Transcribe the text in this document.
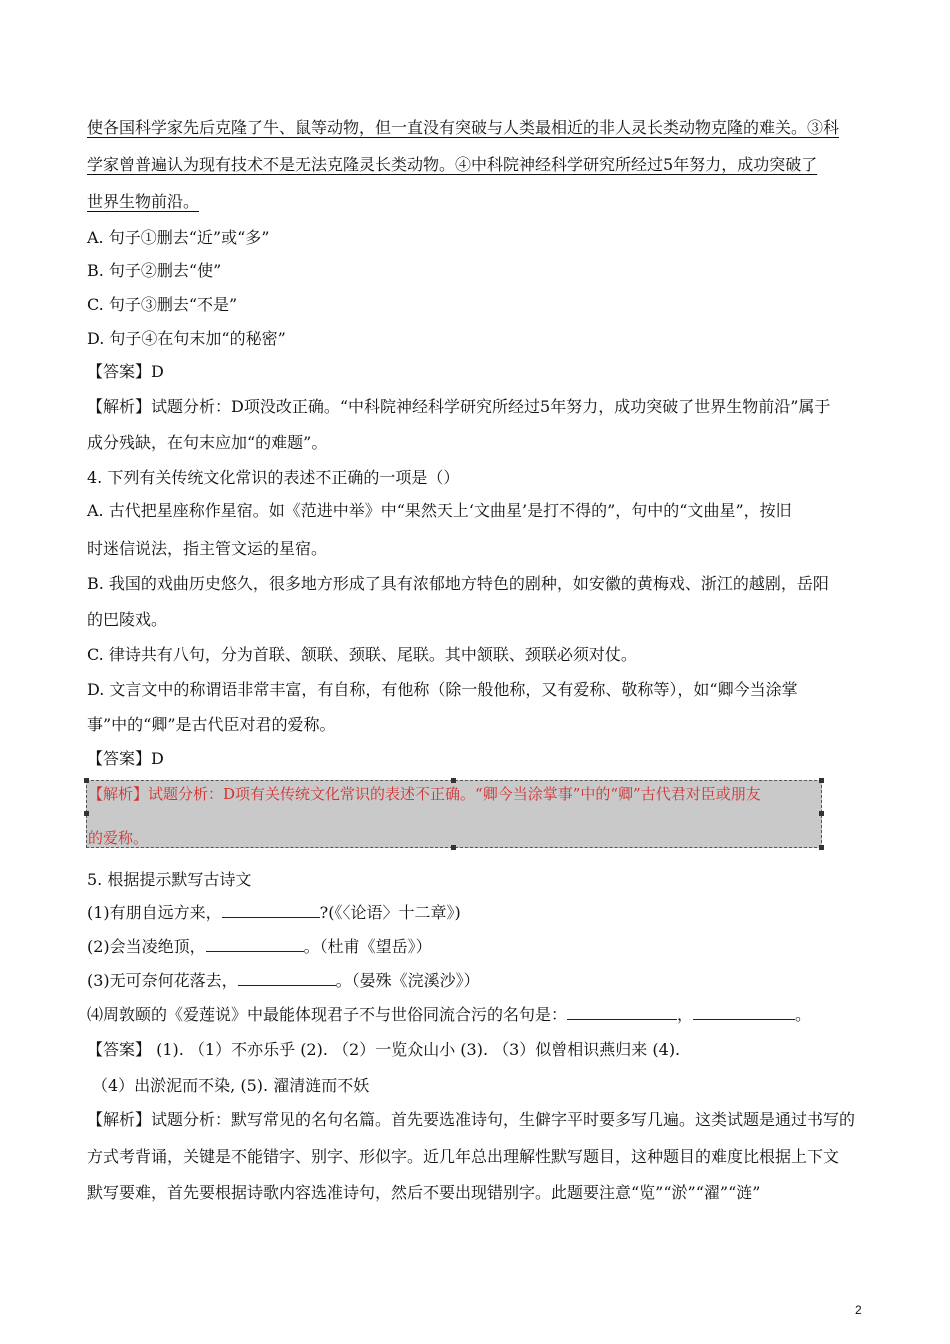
使各国科学家先后克隆了牛、鼠等动物，但一直没有突破与人类最相近的非人灵长类动物克隆的难关。③科
学家曾普遍认为现有技术不是无法克隆灵长类动物。④中科院神经科学研究所经过5年努力，成功突破了
世界生物前沿。
A. 句子①删去“近”或“多”
B. 句子②删去“使”
C. 句子③删去“不是”
D. 句子④在句末加“的秘密”
【答案】D
【解析】试题分析：D项没改正确。“中科院神经科学研究所经过5年努力，成功突破了世界生物前沿”属于
成分残缺，在句末应加“的难题”。
4. 下列有关传统文化常识的表述不正确的一项是（）
A. 古代把星座称作星宿。如《范进中举》中“果然天上‘文曲星’是打不得的”，句中的“文曲星”，按旧
时迷信说法，指主管文运的星宿。
B. 我国的戏曲历史悠久，很多地方形成了具有浓郁地方特色的剧种，如安徽的黄梅戏、浙江的越剧，岳阳
的巴陵戏。
C. 律诗共有八句，分为首联、颔联、颈联、尾联。其中颔联、颈联必须对仗。
D. 文言文中的称谓语非常丰富，有自称，有他称（除一般他称，又有爱称、敬称等），如“卿今当涂掌
事”中的“卿”是古代臣对君的爱称。
【答案】D
【解析】试题分析：D项有关传统文化常识的表述不正确。“卿今当涂掌事”中的“卿”古代君对臣或朋友
的爱称。
5. 根据提示默写古诗文
(1)有朋自远方来，	?(《〈论语〉十二章》)
(2)会当凌绝顶，	。（杜甫《望岳》）
(3)无可奈何花落去，	。（晏殊《浣溪沙》）
⑷周敦颐的《爱莲说》中最能体现君子不与世俗同流合污的名句是：	，	。
【答案】 (1). （1）不亦乐乎 (2). （2）一览众山小 (3). （3）似曾相识燕归来 (4).
（4）出淤泥而不染, (5). 濯清涟而不妖
【解析】试题分析：默写常见的名句名篇。首先要选准诗句，生僻字平时要多写几遍。这类试题是通过书写的
方式考背诵，关键是不能错字、别字、形似字。近几年总出理解性默写题目，这种题目的难度比根据上下文
默写要难，首先要根据诗歌内容选准诗句，然后不要出现错别字。此题要注意“览”“淤”“濯”“涟”
2
